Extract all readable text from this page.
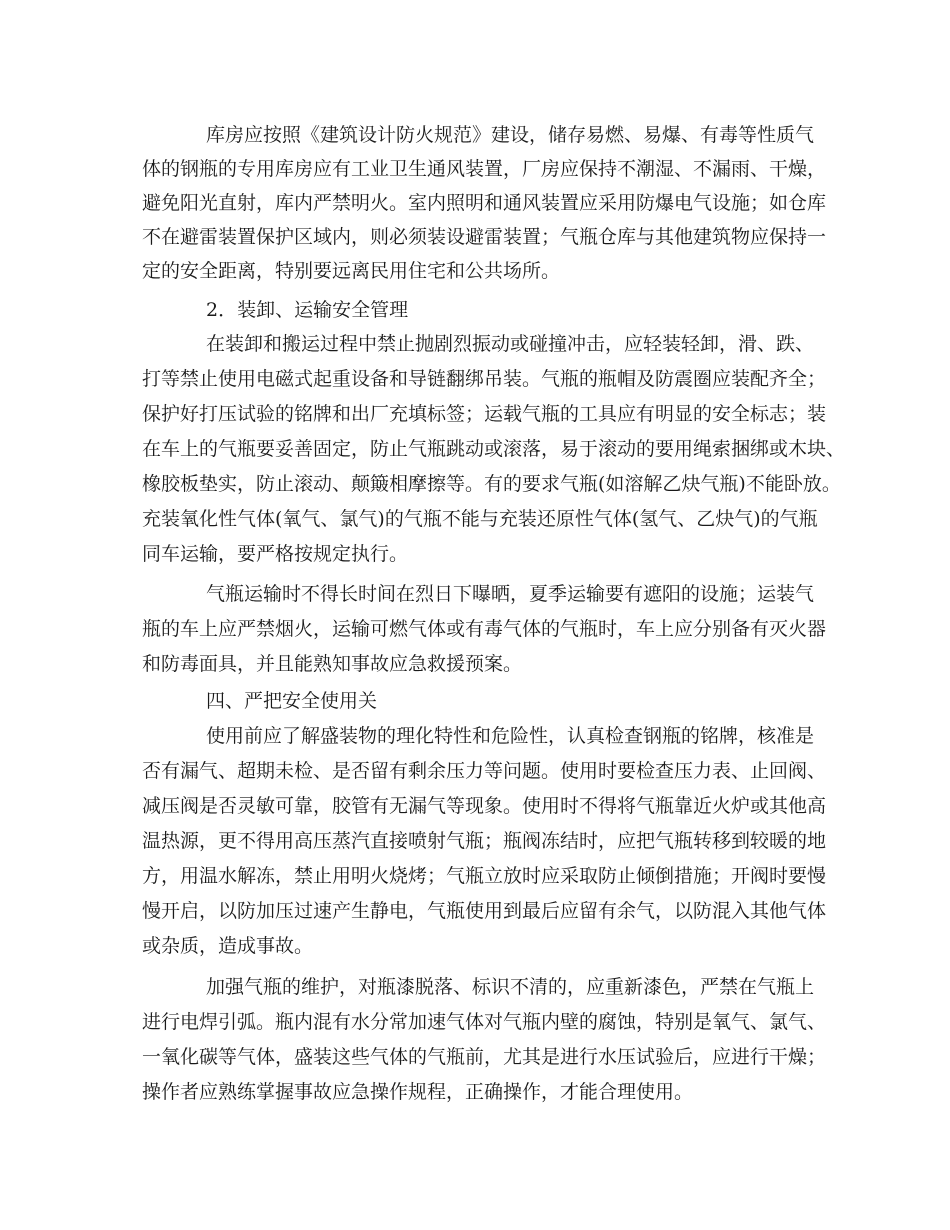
库房应按照《建筑设计防火规范》建设，储存易燃、易爆、有毒等性质气
体的钢瓶的专用库房应有工业卫生通风装置，厂房应保持不潮湿、不漏雨、干燥，
避免阳光直射，库内严禁明火。室内照明和通风装置应采用防爆电气设施；如仓库
不在避雷装置保护区域内，则必须装设避雷装置；气瓶仓库与其他建筑物应保持一
定的安全距离，特别要远离民用住宅和公共场所。
2．装卸、运输安全管理
在装卸和搬运过程中禁止抛剧烈振动或碰撞冲击，应轻装轻卸，滑、跌、
打等禁止使用电磁式起重设备和导链翻绑吊装。气瓶的瓶帽及防震圈应装配齐全；
保护好打压试验的铭牌和出厂充填标签；运载气瓶的工具应有明显的安全标志；装
在车上的气瓶要妥善固定，防止气瓶跳动或滚落，易于滚动的要用绳索捆绑或木块、
橡胶板垫实，防止滚动、颠簸相摩擦等。有的要求气瓶(如溶解乙炔气瓶)不能卧放。
充装氧化性气体(氧气、氯气)的气瓶不能与充装还原性气体(氢气、乙炔气)的气瓶
同车运输，要严格按规定执行。
气瓶运输时不得长时间在烈日下曝晒，夏季运输要有遮阳的设施；运装气
瓶的车上应严禁烟火，运输可燃气体或有毒气体的气瓶时，车上应分别备有灭火器
和防毒面具，并且能熟知事故应急救援预案。
四、严把安全使用关
使用前应了解盛装物的理化特性和危险性，认真检查钢瓶的铭牌，核准是
否有漏气、超期未检、是否留有剩余压力等问题。使用时要检查压力表、止回阀、
减压阀是否灵敏可靠，胶管有无漏气等现象。使用时不得将气瓶靠近火炉或其他高
温热源，更不得用高压蒸汽直接喷射气瓶；瓶阀冻结时，应把气瓶转移到较暖的地
方，用温水解冻，禁止用明火烧烤；气瓶立放时应采取防止倾倒措施；开阀时要慢
慢开启，以防加压过速产生静电，气瓶使用到最后应留有余气，以防混入其他气体
或杂质，造成事故。
加强气瓶的维护，对瓶漆脱落、标识不清的，应重新漆色，严禁在气瓶上
进行电焊引弧。瓶内混有水分常加速气体对气瓶内壁的腐蚀，特别是氧气、氯气、
一氧化碳等气体，盛装这些气体的气瓶前，尤其是进行水压试验后，应进行干燥；
操作者应熟练掌握事故应急操作规程，正确操作，才能合理使用。
